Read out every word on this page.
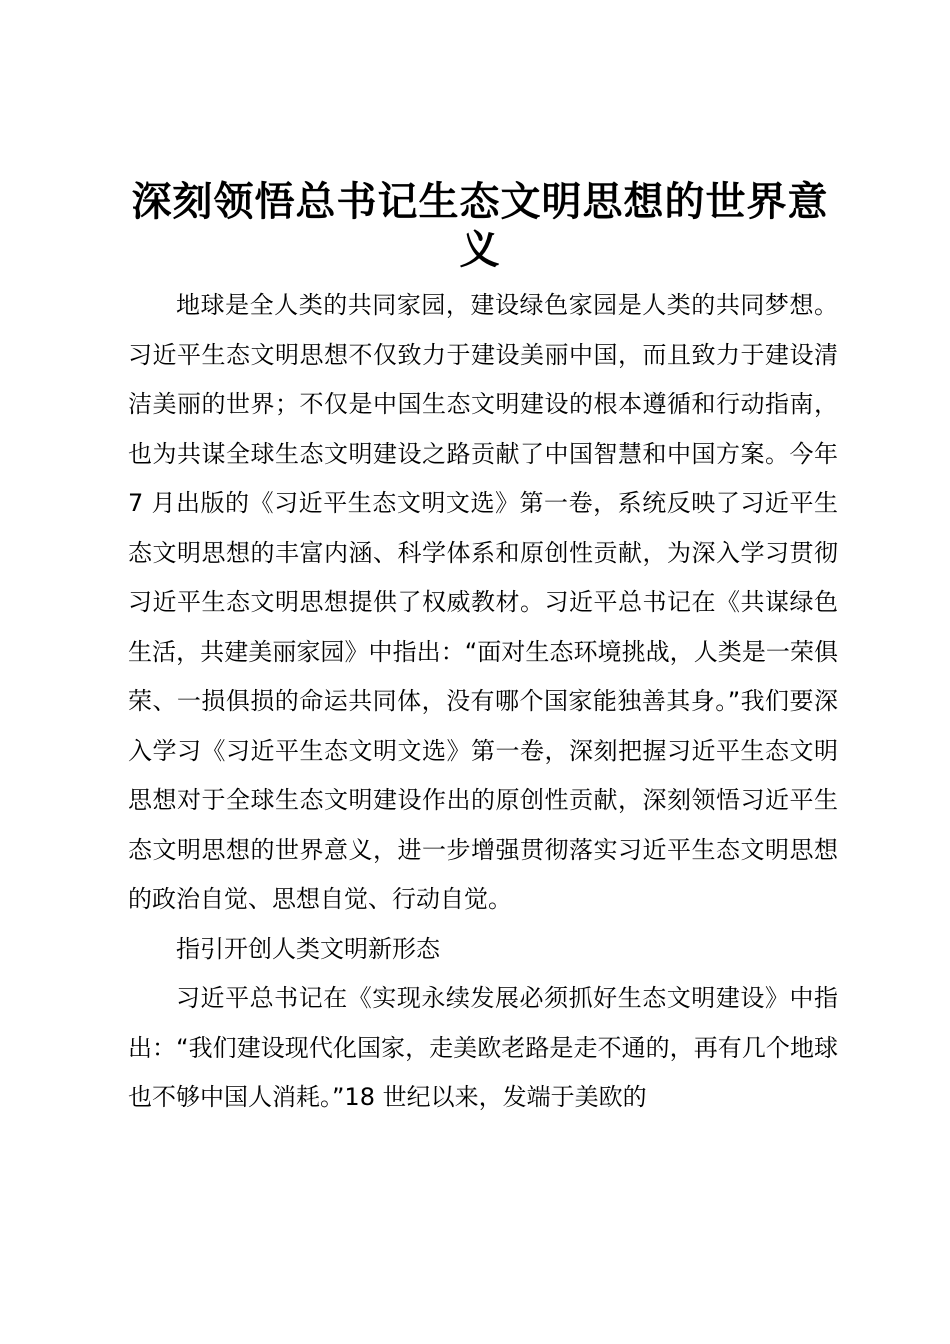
深刻领悟总书记生态文明思想的世界意义

地球是全人类的共同家园，建设绿色家园是人类的共同梦想。习近平生态文明思想不仅致力于建设美丽中国，而且致力于建设清洁美丽的世界；不仅是中国生态文明建设的根本遵循和行动指南，也为共谋全球生态文明建设之路贡献了中国智慧和中国方案。今年 7 月出版的《习近平生态文明文选》第一卷，系统反映了习近平生态文明思想的丰富内涵、科学体系和原创性贡献，为深入学习贯彻习近平生态文明思想提供了权威教材。习近平总书记在《共谋绿色生活，共建美丽家园》中指出：“面对生态环境挑战，人类是一荣俱荣、一损俱损的命运共同体，没有哪个国家能独善其身。”我们要深入学习《习近平生态文明文选》第一卷，深刻把握习近平生态文明思想对于全球生态文明建设作出的原创性贡献，深刻领悟习近平生态文明思想的世界意义，进一步增强贯彻落实习近平生态文明思想的政治自觉、思想自觉、行动自觉。

指引开创人类文明新形态

习近平总书记在《实现永续发展必须抓好生态文明建设》中指出：“我们建设现代化国家，走美欧老路是走不通的，再有几个地球也不够中国人消耗。”18 世纪以来，发端于美欧的
